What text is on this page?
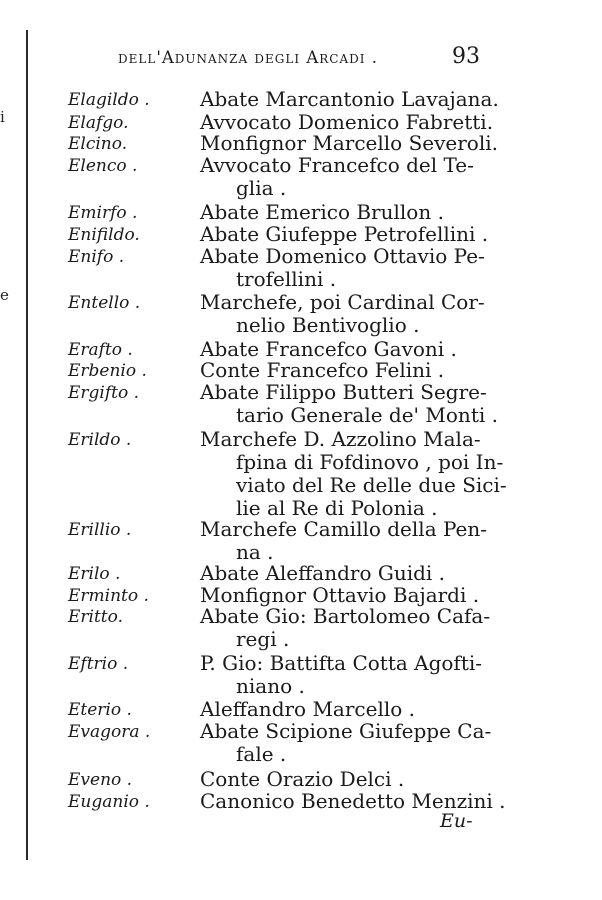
i
e
dell'Adunanza degli Arcadi .	93
Elagildo .	Abate Marcantonio Lavajana.
Elafgo.	Avvocato Domenico Fabretti.
Elcino.	Monfignor Marcello Severoli.
Elenco .	Avvocato Francefco del Te-
glia .
Emirfo .	Abate Emerico Brullon .
Enifildo.	Abate Giufeppe Petrofellini .
Enifo .	Abate Domenico Ottavio Pe-
trofellini .
Entello .	Marchefe, poi Cardinal Cor-
nelio Bentivoglio .
Erafto .	Abate Francefco Gavoni .
Erbenio .	Conte Francefco Felini .
Ergifto .	Abate Filippo Butteri Segre-
tario Generale de' Monti .
Erildo .	Marchefe D. Azzolino Mala-
fpina di Fofdinovo , poi In-
viato del Re delle due Sici-
lie al Re di Polonia .
Erillio .	Marchefe Camillo della Pen-
na .
Erilo .	Abate Aleffandro Guidi .
Erminto .	Monfignor Ottavio Bajardi .
Eritto.	Abate Gio: Bartolomeo Cafa-
regi .
Eftrio .	P. Gio: Battifta Cotta Agofti-
niano .
Eterio .	Aleffandro Marcello .
Evagora .	Abate Scipione Giufeppe Ca-
fale .
Eveno .	Conte Orazio Delci .
Euganio .	Canonico Benedetto Menzini .
Eu-
